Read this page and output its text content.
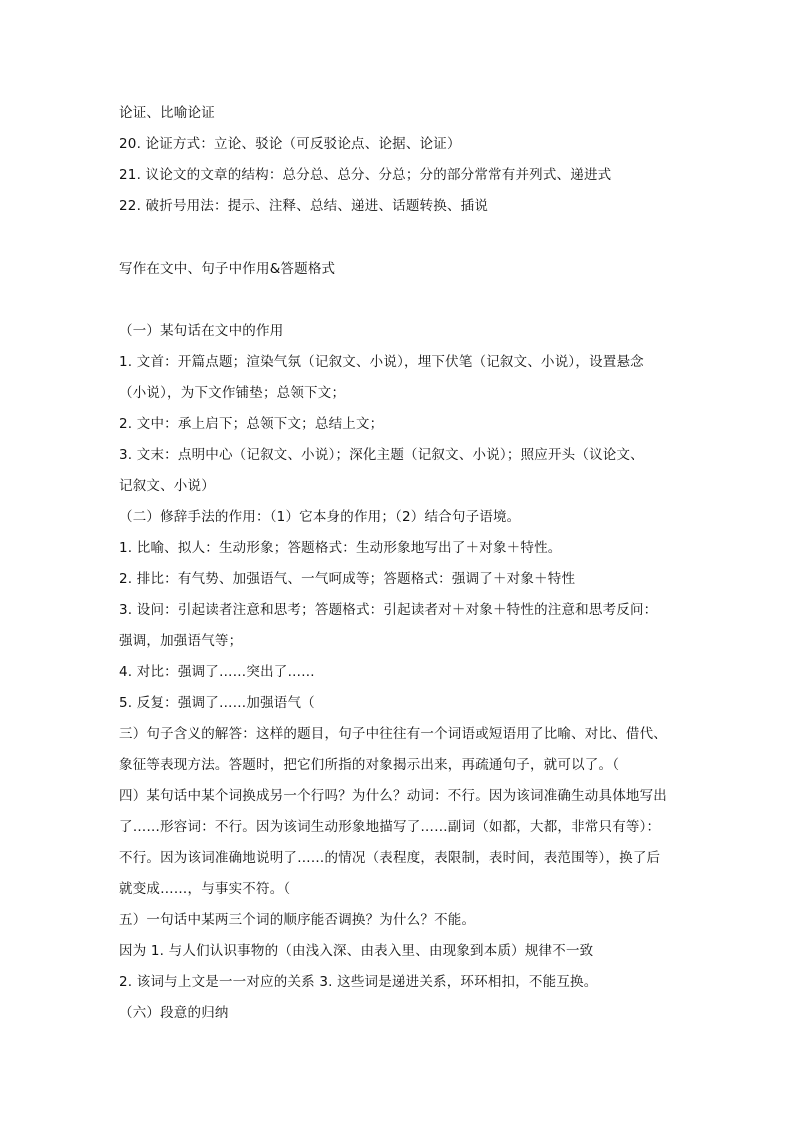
论证、比喻论证
20. 论证方式：立论、驳论（可反驳论点、论据、论证）
21. 议论文的文章的结构：总分总、总分、分总；分的部分常常有并列式、递进式
22. 破折号用法：提示、注释、总结、递进、话题转换、插说
写作在文中、句子中作用&答题格式
（一）某句话在文中的作用
1. 文首：开篇点题；渲染气氛（记叙文、小说），埋下伏笔（记叙文、小说），设置悬念
（小说），为下文作铺垫；总领下文；
2. 文中：承上启下；总领下文；总结上文；
3. 文末：点明中心（记叙文、小说）；深化主题（记叙文、小说）；照应开头（议论文、
记叙文、小说）
（二）修辞手法的作用：（1）它本身的作用；（2）结合句子语境。
1. 比喻、拟人：生动形象；答题格式：生动形象地写出了＋对象＋特性。
2. 排比：有气势、加强语气、一气呵成等；答题格式：强调了＋对象＋特性
3. 设问：引起读者注意和思考；答题格式：引起读者对＋对象＋特性的注意和思考反问：
强调，加强语气等；
4. 对比：强调了……突出了……
5. 反复：强调了……加强语气（
三）句子含义的解答：这样的题目，句子中往往有一个词语或短语用了比喻、对比、借代、
象征等表现方法。答题时，把它们所指的对象揭示出来，再疏通句子，就可以了。（
四）某句话中某个词换成另一个行吗？为什么？动词：不行。因为该词准确生动具体地写出
了……形容词：不行。因为该词生动形象地描写了……副词（如都，大都，非常只有等）：
不行。因为该词准确地说明了……的情况（表程度，表限制，表时间，表范围等），换了后
就变成……，与事实不符。（
五）一句话中某两三个词的顺序能否调换？为什么？不能。
因为 1. 与人们认识事物的（由浅入深、由表入里、由现象到本质）规律不一致
2. 该词与上文是一一对应的关系 3. 这些词是递进关系，环环相扣，不能互换。
（六）段意的归纳
